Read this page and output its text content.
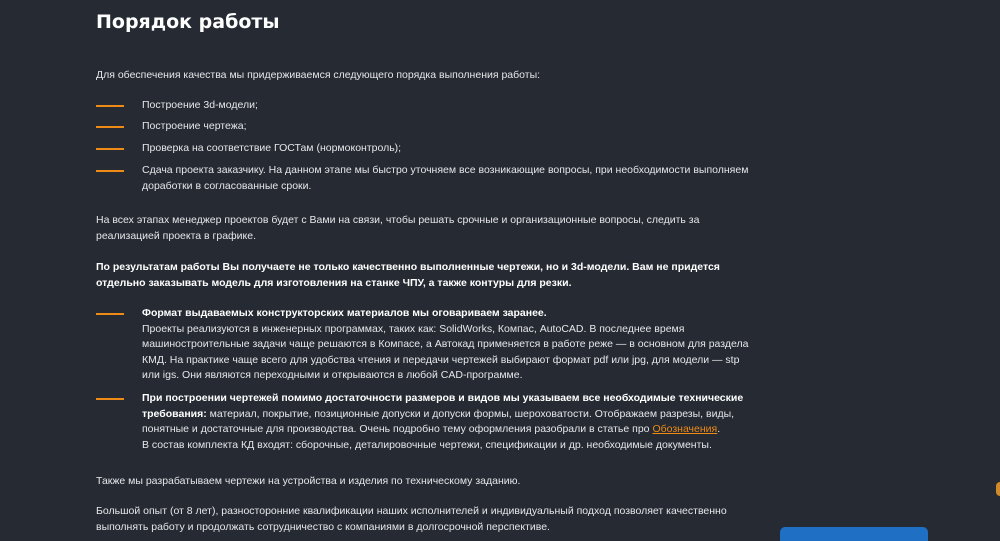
Порядок работы

Для обеспечения качества мы придерживаемся следующего порядка выполнения работы:

Построение 3d-модели;
Построение чертежа;
Проверка на соответствие ГОСТам (нормоконтроль);
Сдача проекта заказчику. На данном этапе мы быстро уточняем все возникающие вопросы, при необходимости выполняем доработки в согласованные сроки.

На всех этапах менеджер проектов будет с Вами на связи, чтобы решать срочные и организационные вопросы, следить за реализацией проекта в графике.

По результатам работы Вы получаете не только качественно выполненные чертежи, но и 3d-модели. Вам не придется отдельно заказывать модель для изготовления на станке ЧПУ, а также контуры для резки.

Формат выдаваемых конструкторских материалов мы оговариваем заранее.
Проекты реализуются в инженерных программах, таких как: SolidWorks, Компас, AutoCAD. В последнее время машиностроительные задачи чаще решаются в Компасе, а Автокад применяется в работе реже — в основном для раздела КМД. На практике чаще всего для удобства чтения и передачи чертежей выбирают формат pdf или jpg, для модели — stp или igs. Они являются переходными и открываются в любой CAD-программе.
При построении чертежей помимо достаточности размеров и видов мы указываем все необходимые технические требования: материал, покрытие, позиционные допуски и допуски формы, шероховатости. Отображаем разрезы, виды, понятные и достаточные для производства. Очень подробно тему оформления разобрали в статье про Обозначения.
В состав комплекта КД входят: сборочные, деталировочные чертежи, спецификации и др. необходимые документы.

Также мы разрабатываем чертежи на устройства и изделия по техническому заданию.

Большой опыт (от 8 лет), разносторонние квалификации наших исполнителей и индивидуальный подход позволяет качественно выполнять работу и продолжать сотрудничество с компаниями в долгосрочной перспективе.
